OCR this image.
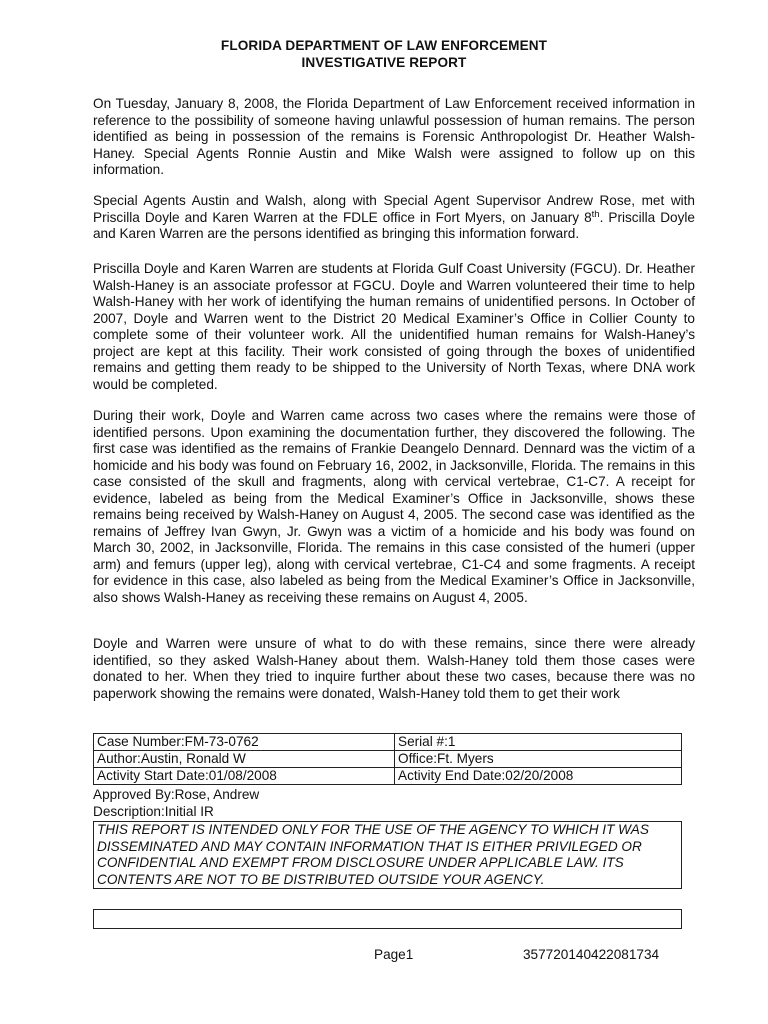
FLORIDA DEPARTMENT OF LAW ENFORCEMENT
INVESTIGATIVE REPORT

On Tuesday, January 8, 2008, the Florida Department of Law Enforcement received information in reference to the possibility of someone having unlawful possession of human remains. The person identified as being in possession of the remains is Forensic Anthropologist Dr. Heather Walsh-Haney. Special Agents Ronnie Austin and Mike Walsh were assigned to follow up on this information.

Special Agents Austin and Walsh, along with Special Agent Supervisor Andrew Rose, met with Priscilla Doyle and Karen Warren at the FDLE office in Fort Myers, on January 8th. Priscilla Doyle and Karen Warren are the persons identified as bringing this information forward.

Priscilla Doyle and Karen Warren are students at Florida Gulf Coast University (FGCU). Dr. Heather Walsh-Haney is an associate professor at FGCU. Doyle and Warren volunteered their time to help Walsh-Haney with her work of identifying the human remains of unidentified persons. In October of 2007, Doyle and Warren went to the District 20 Medical Examiner’s Office in Collier County to complete some of their volunteer work. All the unidentified human remains for Walsh-Haney’s project are kept at this facility. Their work consisted of going through the boxes of unidentified remains and getting them ready to be shipped to the University of North Texas, where DNA work would be completed.

During their work, Doyle and Warren came across two cases where the remains were those of identified persons. Upon examining the documentation further, they discovered the following. The first case was identified as the remains of Frankie Deangelo Dennard. Dennard was the victim of a homicide and his body was found on February 16, 2002, in Jacksonville, Florida. The remains in this case consisted of the skull and fragments, along with cervical vertebrae, C1-C7. A receipt for evidence, labeled as being from the Medical Examiner’s Office in Jacksonville, shows these remains being received by Walsh-Haney on August 4, 2005. The second case was identified as the remains of Jeffrey Ivan Gwyn, Jr. Gwyn was a victim of a homicide and his body was found on March 30, 2002, in Jacksonville, Florida. The remains in this case consisted of the humeri (upper arm) and femurs (upper leg), along with cervical vertebrae, C1-C4 and some fragments. A receipt for evidence in this case, also labeled as being from the Medical Examiner’s Office in Jacksonville, also shows Walsh-Haney as receiving these remains on August 4, 2005.

Doyle and Warren were unsure of what to do with these remains, since there were already identified, so they asked Walsh-Haney about them. Walsh-Haney told them those cases were donated to her. When they tried to inquire further about these two cases, because there was no paperwork showing the remains were donated, Walsh-Haney told them to get their work

Case Number:FM-73-0762	Serial #:1
Author:Austin, Ronald W	Office:Ft. Myers
Activity Start Date:01/08/2008	Activity End Date:02/20/2008
Approved By:Rose, Andrew
Description:Initial IR

THIS REPORT IS INTENDED ONLY FOR THE USE OF THE AGENCY TO WHICH IT WAS DISSEMINATED AND MAY CONTAIN INFORMATION THAT IS EITHER PRIVILEGED OR CONFIDENTIAL AND EXEMPT FROM DISCLOSURE UNDER APPLICABLE LAW. ITS CONTENTS ARE NOT TO BE DISTRIBUTED OUTSIDE YOUR AGENCY.

Page1	357720140422081734
